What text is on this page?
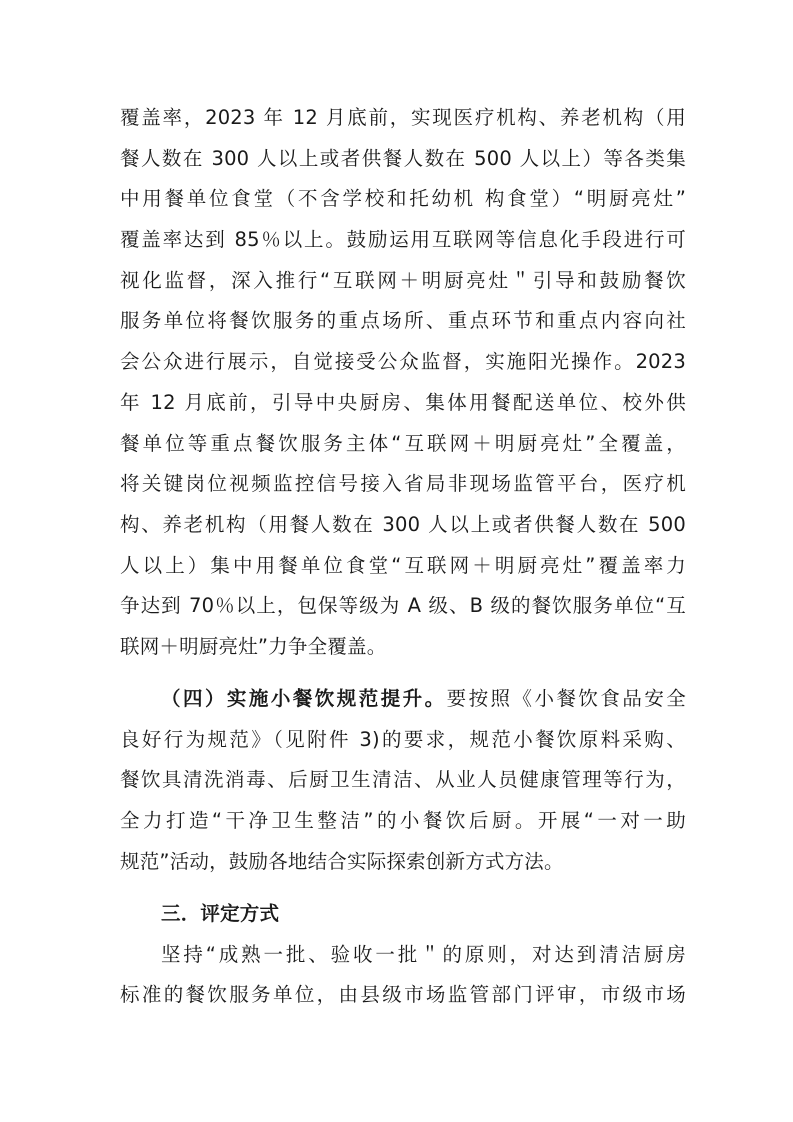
覆盖率，2023 年 12 月底前，实现医疗机构、养老机构（用
餐人数在 300 人以上或者供餐人数在 500 人以上）等各类集
中用餐单位食堂（不含学校和托幼机 构食堂）“明厨亮灶”
覆盖率达到 85％以上。鼓励运用互联网等信息化手段进行可
视化监督，深入推行“互联网＋明厨亮灶＂引导和鼓励餐饮
服务单位将餐饮服务的重点场所、重点环节和重点内容向社
会公众进行展示，自觉接受公众监督，实施阳光操作。2023
年 12 月底前，引导中央厨房、集体用餐配送单位、校外供
餐单位等重点餐饮服务主体“互联网＋明厨亮灶”全覆盖，
将关键岗位视频监控信号接入省局非现场监管平台，医疗机
构、养老机构（用餐人数在 300 人以上或者供餐人数在 500
人以上）集中用餐单位食堂“互联网＋明厨亮灶”覆盖率力
争达到 70％以上，包保等级为 A 级、B 级的餐饮服务单位“互
联网＋明厨亮灶”力争全覆盖。
（四）实施小餐饮规范提升。要按照《小餐饮食品安全
良好行为规范》（见附件 3)的要求，规范小餐饮原料采购、
餐饮具清洗消毒、后厨卫生清洁、从业人员健康管理等行为，
全力打造“干净卫生整洁”的小餐饮后厨。开展“一对一助
规范”活动，鼓励各地结合实际探索创新方式方法。
三．评定方式
坚持“成熟一批、验收一批＂的原则，对达到清洁厨房
标准的餐饮服务单位，由县级市场监管部门评审，市级市场
